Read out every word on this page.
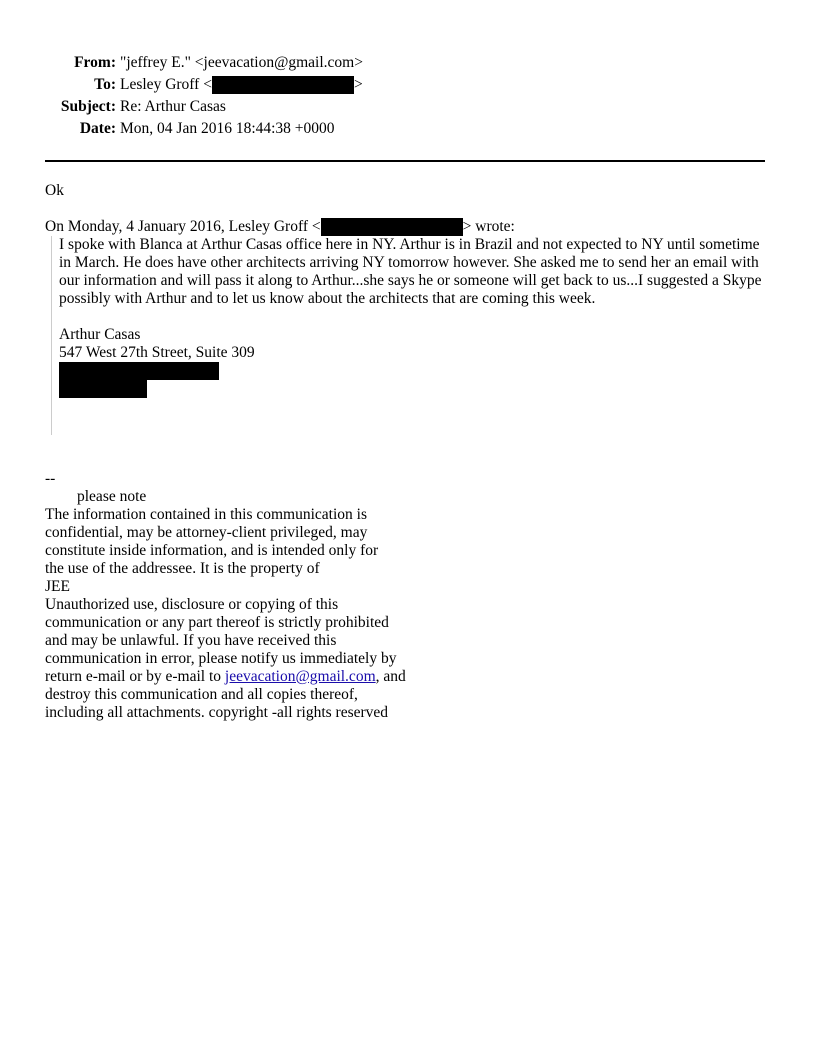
From: "jeffrey E." <jeevacation@gmail.com>
To: Lesley Groff <	>
Subject: Re: Arthur Casas
Date: Mon, 04 Jan 2016 18:44:38 +0000
Ok
On Monday, 4 January 2016, Lesley Groff <	> wrote:

I spoke with Blanca at Arthur Casas office here in NY. Arthur is in Brazil and not expected to NY until sometime in March. He does have other architects arriving NY tomorrow however. She asked me to send her an email with our information and will pass it along to Arthur...she says he or someone will get back to us...I suggested a Skype possibly with Arthur and to let us know about the architects that are coming this week.

Arthur Casas

547 West 27th Street, Suite 309

--
please note
The information contained in this communication is
confidential, may be attorney-client privileged, may
constitute inside information, and is intended only for
the use of the addressee. It is the property of
JEE
Unauthorized use, disclosure or copying of this
communication or any part thereof is strictly prohibited
and may be unlawful. If you have received this
communication in error, please notify us immediately by
return e-mail or by e-mail to jeevacation@gmail.com, and
destroy this communication and all copies thereof,
including all attachments. copyright -all rights reserved
